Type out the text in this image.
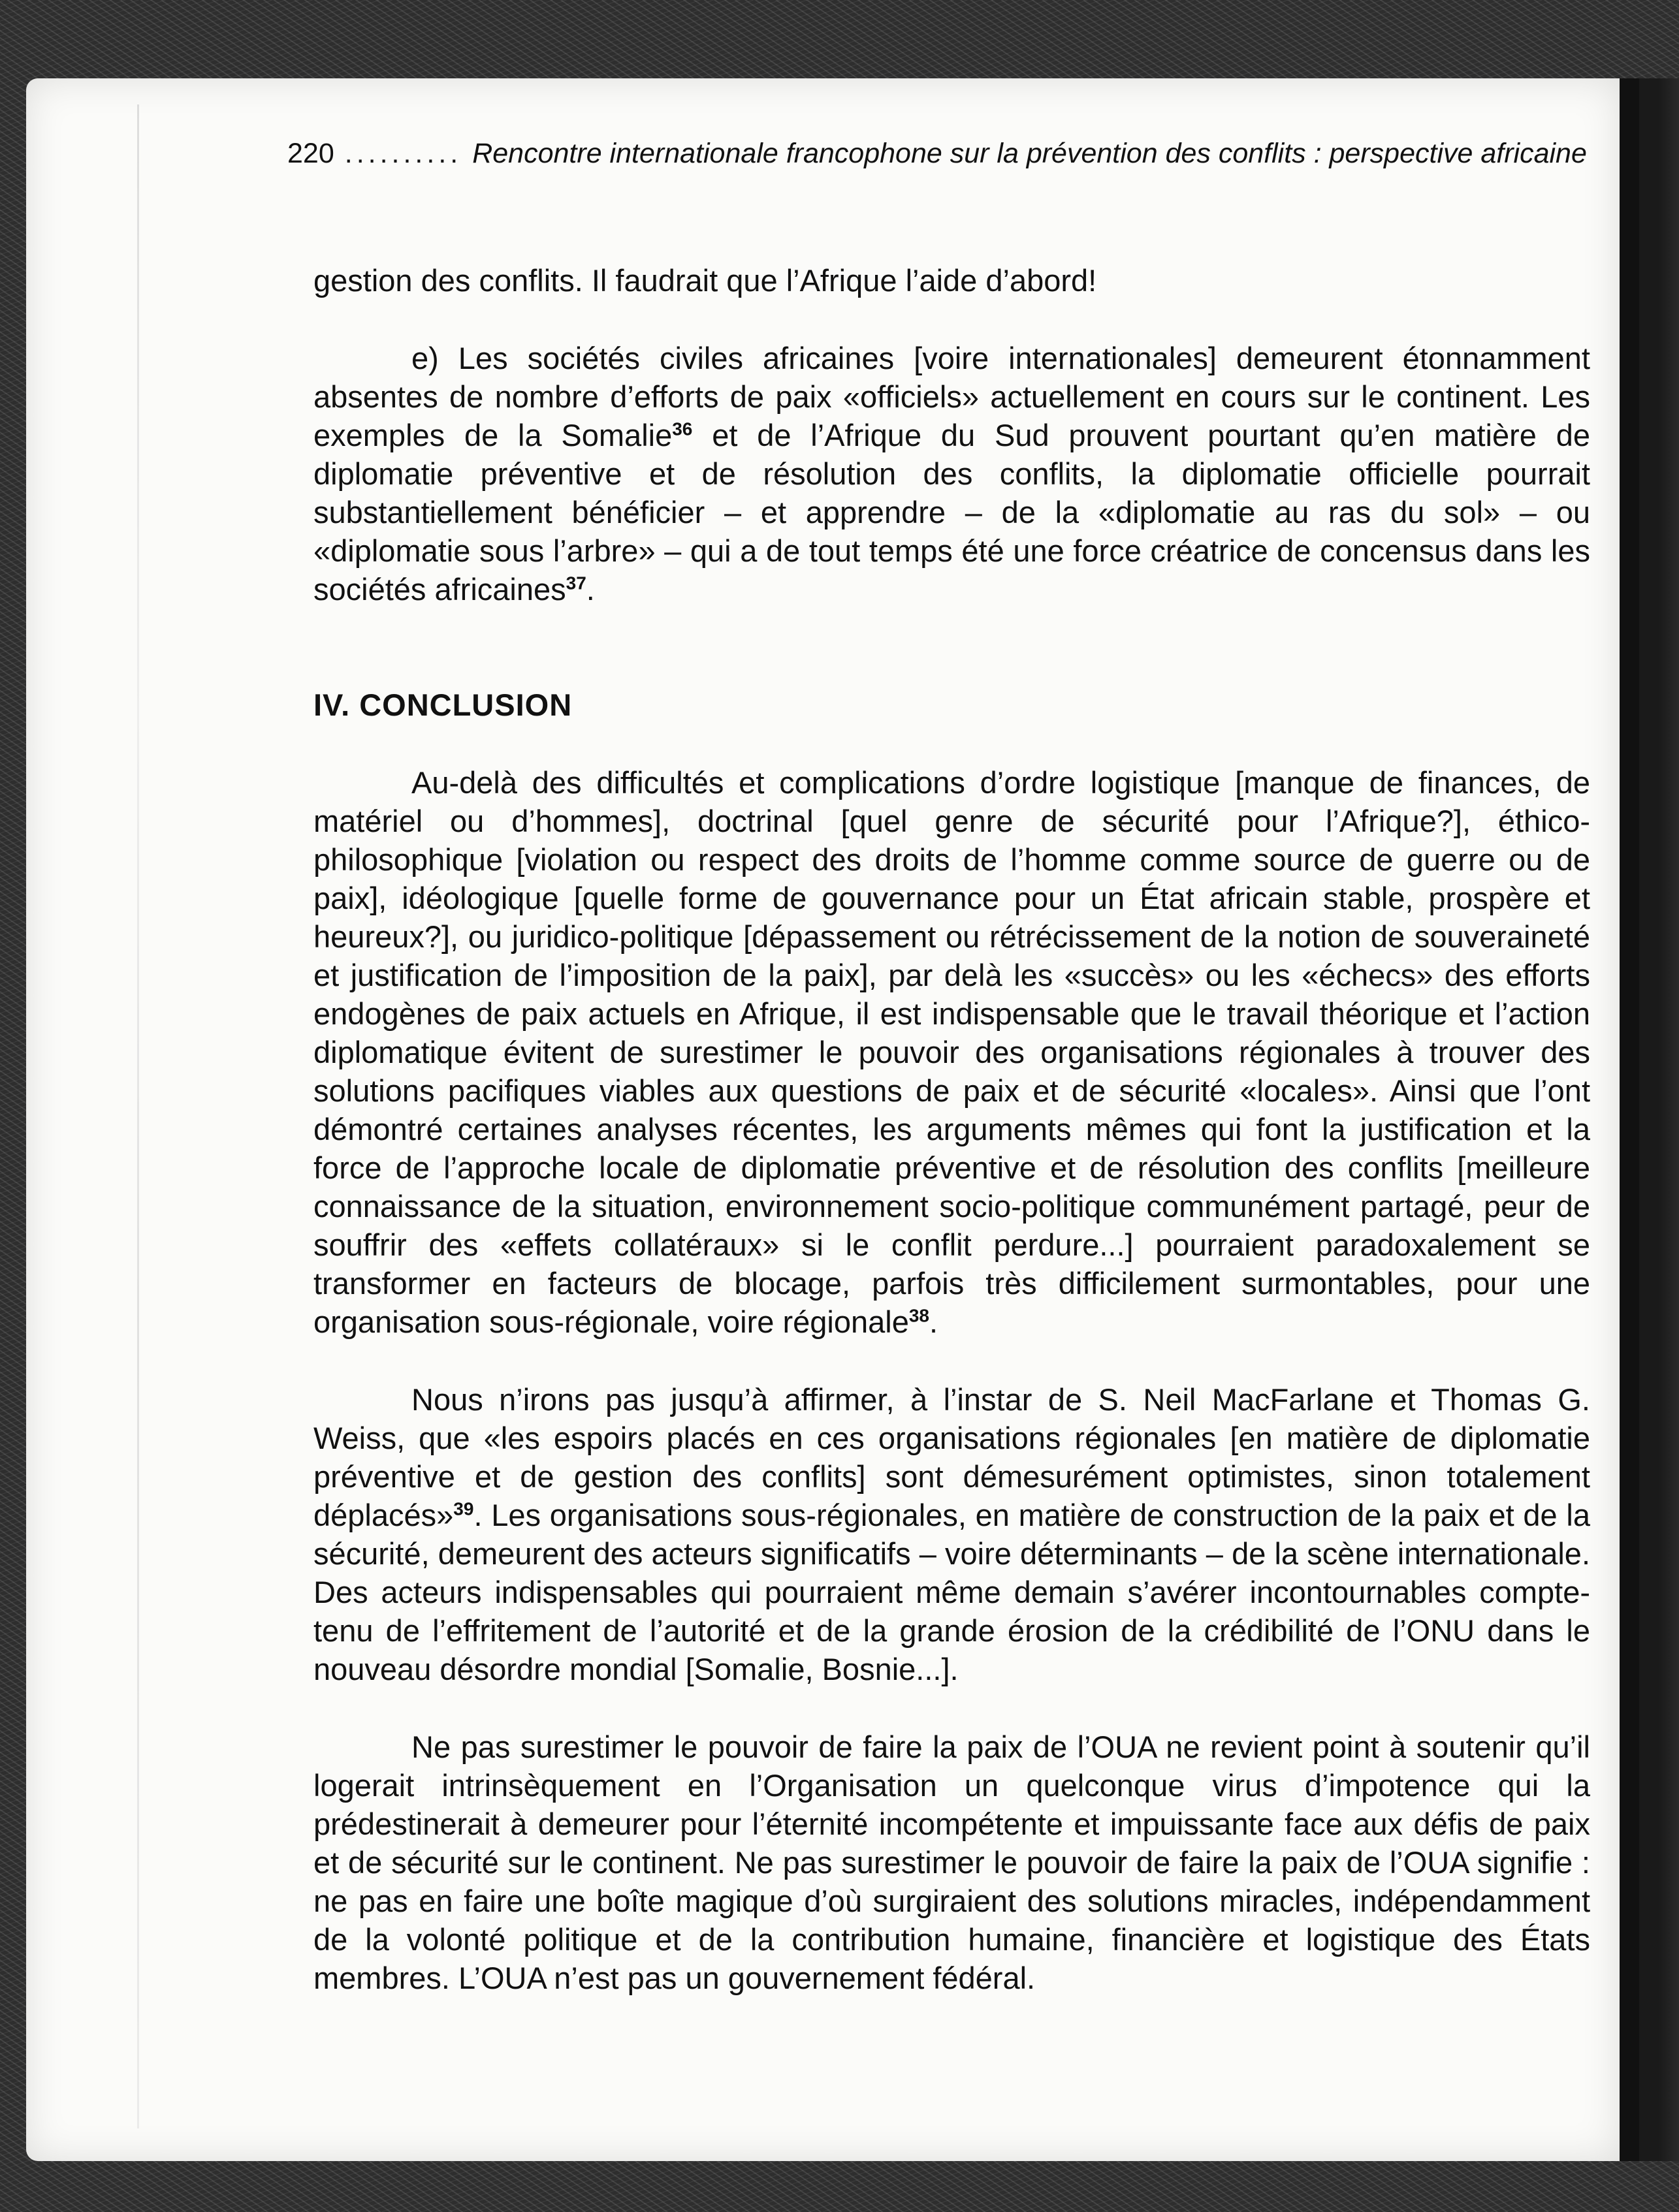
220 .......... Rencontre internationale francophone sur la prévention des conflits : perspective africaine

gestion des conflits. Il faudrait que l’Afrique l’aide d’abord!

e) Les sociétés civiles africaines [voire internationales] demeurent étonnamment absentes de nombre d’efforts de paix «officiels» actuellement en cours sur le continent. Les exemples de la Somalie$^{36}$ et de l’Afrique du Sud prouvent pourtant qu’en matière de diplomatie préventive et de résolution des conflits, la diplomatie officielle pourrait substantiellement bénéficier – et apprendre – de la «diplomatie au ras du sol» – ou «diplomatie sous l’arbre» – qui a de tout temps été une force créatrice de concensus dans les sociétés africaines$^{37}$.

IV. CONCLUSION

Au-delà des difficultés et complications d’ordre logistique [manque de finances, de matériel ou d’hommes], doctrinal [quel genre de sécurité pour l’Afrique?], éthico-philosophique [violation ou respect des droits de l’homme comme source de guerre ou de paix], idéologique [quelle forme de gouvernance pour un État africain stable, prospère et heureux?], ou juridico-politique [dépassement ou rétrécissement de la notion de souveraineté et justification de l’imposition de la paix], par delà les «succès» ou les «échecs» des efforts endogènes de paix actuels en Afrique, il est indispensable que le travail théorique et l’action diplomatique évitent de surestimer le pouvoir des organisations régionales à trouver des solutions pacifiques viables aux questions de paix et de sécurité «locales». Ainsi que l’ont démontré certaines analyses récentes, les arguments mêmes qui font la justification et la force de l’approche locale de diplomatie préventive et de résolution des conflits [meilleure connaissance de la situation, environnement socio-politique communément partagé, peur de souffrir des «effets collatéraux» si le conflit perdure...] pourraient paradoxalement se transformer en facteurs de blocage, parfois très difficilement surmontables, pour une organisation sous-régionale, voire régionale$^{38}$.

Nous n’irons pas jusqu’à affirmer, à l’instar de S. Neil MacFarlane et Thomas G. Weiss, que «les espoirs placés en ces organisations régionales [en matière de diplomatie préventive et de gestion des conflits] sont démesurément optimistes, sinon totalement déplacés»$^{39}$. Les organisations sous-régionales, en matière de construction de la paix et de la sécurité, demeurent des acteurs significatifs – voire déterminants – de la scène internationale. Des acteurs indispensables qui pourraient même demain s’avérer incontournables compte-tenu de l’effritement de l’autorité et de la grande érosion de la crédibilité de l’ONU dans le nouveau désordre mondial [Somalie, Bosnie...].

Ne pas surestimer le pouvoir de faire la paix de l’OUA ne revient point à soutenir qu’il logerait intrinsèquement en l’Organisation un quelconque virus d’impotence qui la prédestinerait à demeurer pour l’éternité incompétente et impuissante face aux défis de paix et de sécurité sur le continent. Ne pas surestimer le pouvoir de faire la paix de l’OUA signifie : ne pas en faire une boîte magique d’où surgiraient des solutions miracles, indépendamment de la volonté politique et de la contribution humaine, financière et logistique des États membres. L’OUA n’est pas un gouvernement fédéral.
